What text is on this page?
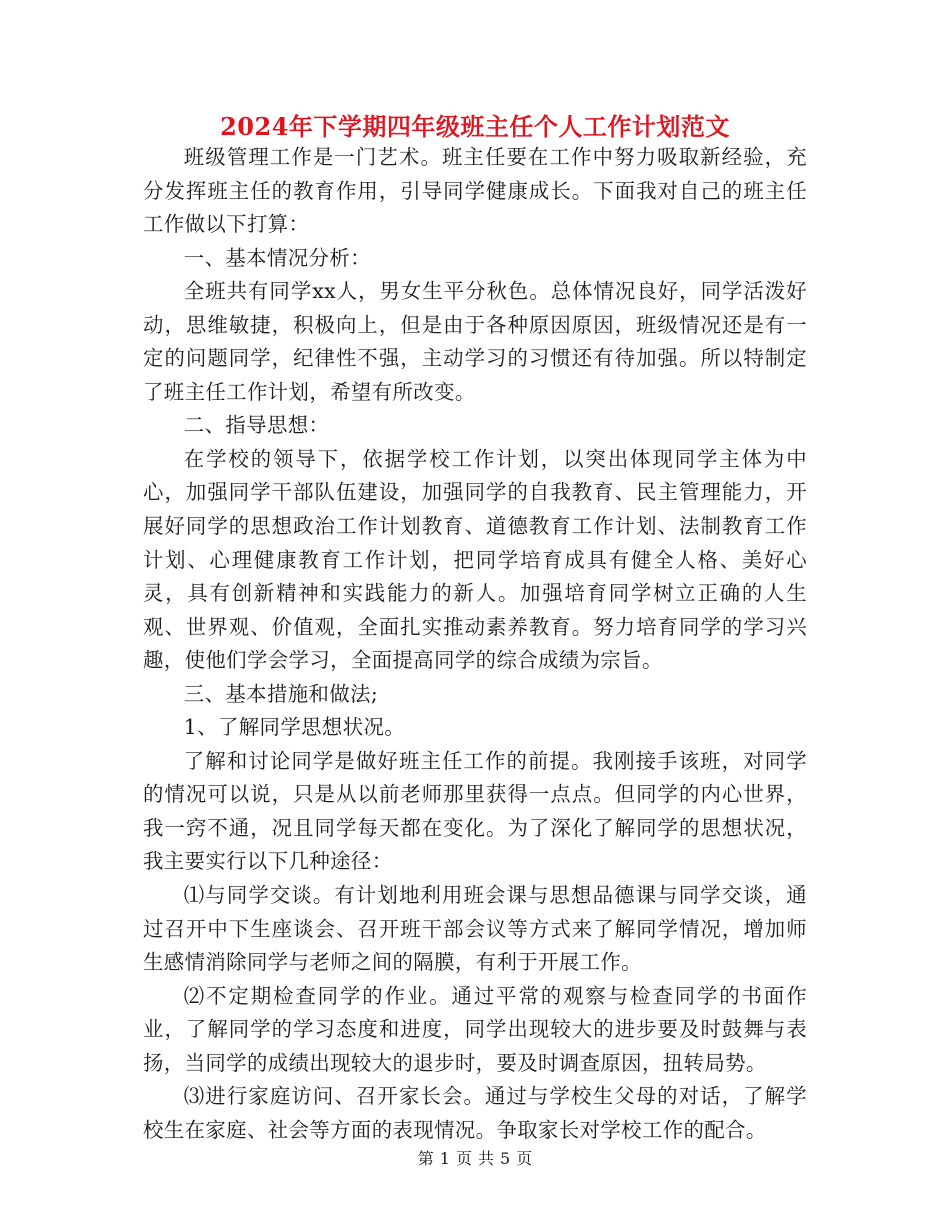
2024年下学期四年级班主任个人工作计划范文

班级管理工作是一门艺术。班主任要在工作中努力吸取新经验，充分发挥班主任的教育作用，引导同学健康成长。下面我对自己的班主任工作做以下打算：

一、基本情况分析：

全班共有同学xx人，男女生平分秋色。总体情况良好，同学活泼好动，思维敏捷，积极向上，但是由于各种原因原因，班级情况还是有一定的问题同学，纪律性不强，主动学习的习惯还有待加强。所以特制定了班主任工作计划，希望有所改变。

二、指导思想：

在学校的领导下，依据学校工作计划，以突出体现同学主体为中心，加强同学干部队伍建设，加强同学的自我教育、民主管理能力，开展好同学的思想政治工作计划教育、道德教育工作计划、法制教育工作计划、心理健康教育工作计划，把同学培育成具有健全人格、美好心灵，具有创新精神和实践能力的新人。加强培育同学树立正确的人生观、世界观、价值观，全面扎实推动素养教育。努力培育同学的学习兴趣，使他们学会学习，全面提高同学的综合成绩为宗旨。

三、基本措施和做法;

1、了解同学思想状况。

了解和讨论同学是做好班主任工作的前提。我刚接手该班，对同学的情况可以说，只是从以前老师那里获得一点点。但同学的内心世界，我一窍不通，况且同学每天都在变化。为了深化了解同学的思想状况，我主要实行以下几种途径：

⑴与同学交谈。有计划地利用班会课与思想品德课与同学交谈，通过召开中下生座谈会、召开班干部会议等方式来了解同学情况，增加师生感情消除同学与老师之间的隔膜，有利于开展工作。

⑵不定期检查同学的作业。通过平常的观察与检查同学的书面作业，了解同学的学习态度和进度，同学出现较大的进步要及时鼓舞与表扬，当同学的成绩出现较大的退步时，要及时调查原因，扭转局势。

⑶进行家庭访问、召开家长会。通过与学校生父母的对话，了解学校生在家庭、社会等方面的表现情况。争取家长对学校工作的配合。

第 1 页 共 5 页
